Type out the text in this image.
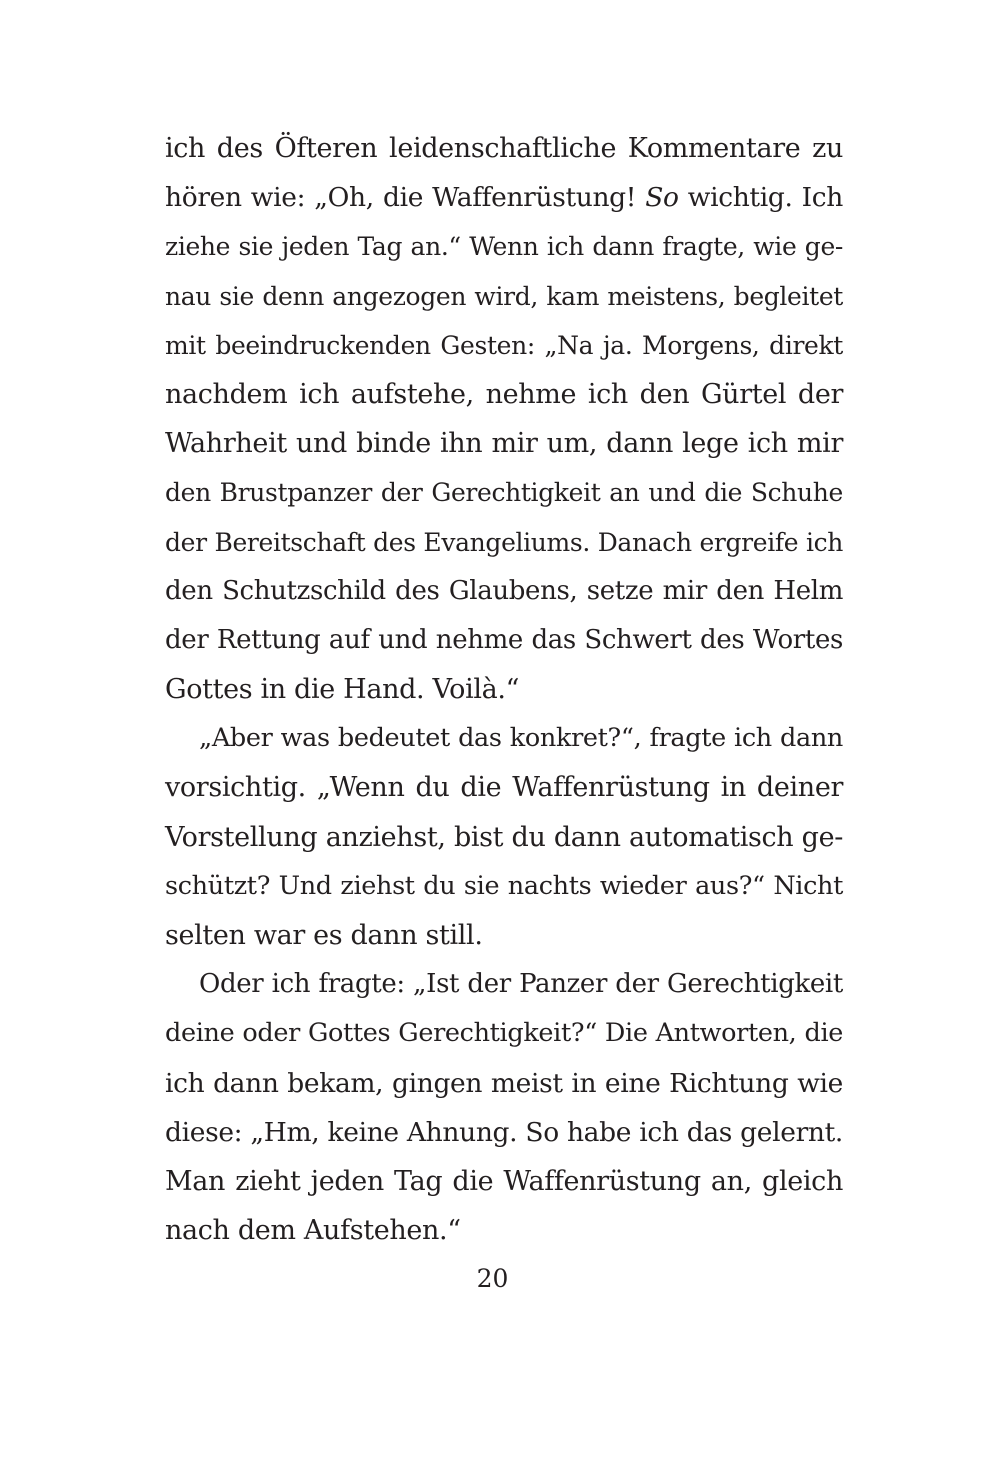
ich des Öfteren leidenschaftliche Kommentare zu
hören wie: „Oh, die Waffenrüstung! So wichtig. Ich
ziehe sie jeden Tag an.“ Wenn ich dann fragte, wie ge-
nau sie denn angezogen wird, kam meistens, begleitet
mit beeindruckenden Gesten: „Na ja. Morgens, direkt
nachdem ich aufstehe, nehme ich den Gürtel der
Wahrheit und binde ihn mir um, dann lege ich mir
den Brustpanzer der Gerechtigkeit an und die Schuhe
der Bereitschaft des Evangeliums. Danach ergreife ich
den Schutzschild des Glaubens, setze mir den Helm
der Rettung auf und nehme das Schwert des Wortes
Gottes in die Hand. Voilà.“
„Aber was bedeutet das konkret?“, fragte ich dann
vorsichtig. „Wenn du die Waffenrüstung in deiner
Vorstellung anziehst, bist du dann automatisch ge-
schützt? Und ziehst du sie nachts wieder aus?“ Nicht
selten war es dann still.
Oder ich fragte: „Ist der Panzer der Gerechtigkeit
deine oder Gottes Gerechtigkeit?“ Die Antworten, die
ich dann bekam, gingen meist in eine Richtung wie
diese: „Hm, keine Ahnung. So habe ich das gelernt.
Man zieht jeden Tag die Waffenrüstung an, gleich
nach dem Aufstehen.“
20
